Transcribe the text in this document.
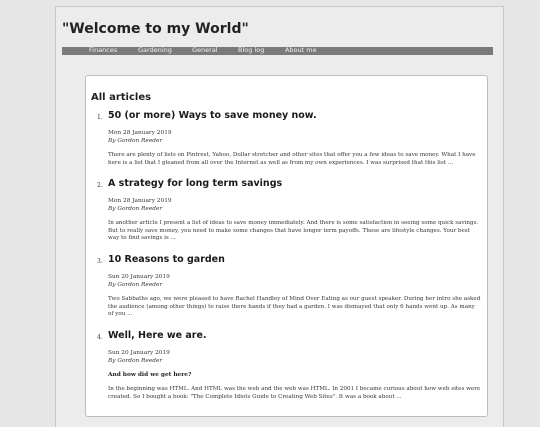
"Welcome to my World"
Finances	Gardening	General	Blog log	About me
All articles
1. 50 (or more) Ways to save money now.
Mon 28 January 2019
By Gordon Reeder

There are plenty of lists on Pintrest, Yahoo, Dollar stretcher and other sites that offer you a few ideas to save money. What I have here is a list that I gleaned from all over the Internet as well as from my own experiences. I was surprised that this list ...

2. A strategy for long term savings
Mon 28 January 2019
By Gordon Reeder

In another article I present a list of ideas to save money immediately. And there is some satisfaction in seeing some quick savings. But to really save money, you need to make some changes that have longer term payoffs. These are lifestyle changes. Your best way to find savings is ...

3. 10 Reasons to garden
Sun 20 January 2019
By Gordon Reeder

Two Sabbaths ago, we were pleased to have Rachel Handley of Mind Over Eating as our guest speaker. During her intro she asked the audience (among other things) to raise there hands if they had a garden. I was dismayed that only 6 hands went up. As many of you ...

4. Well, Here we are.
Sun 20 January 2019
By Gordon Reeder

And how did we get here?

In the beginning was HTML. And HTML was the web and the web was HTML. In 2001 I became curious about how web sites were created. So I bought a book: "The Complete Idiots Guide to Creating Web Sites". It was a book about ...
